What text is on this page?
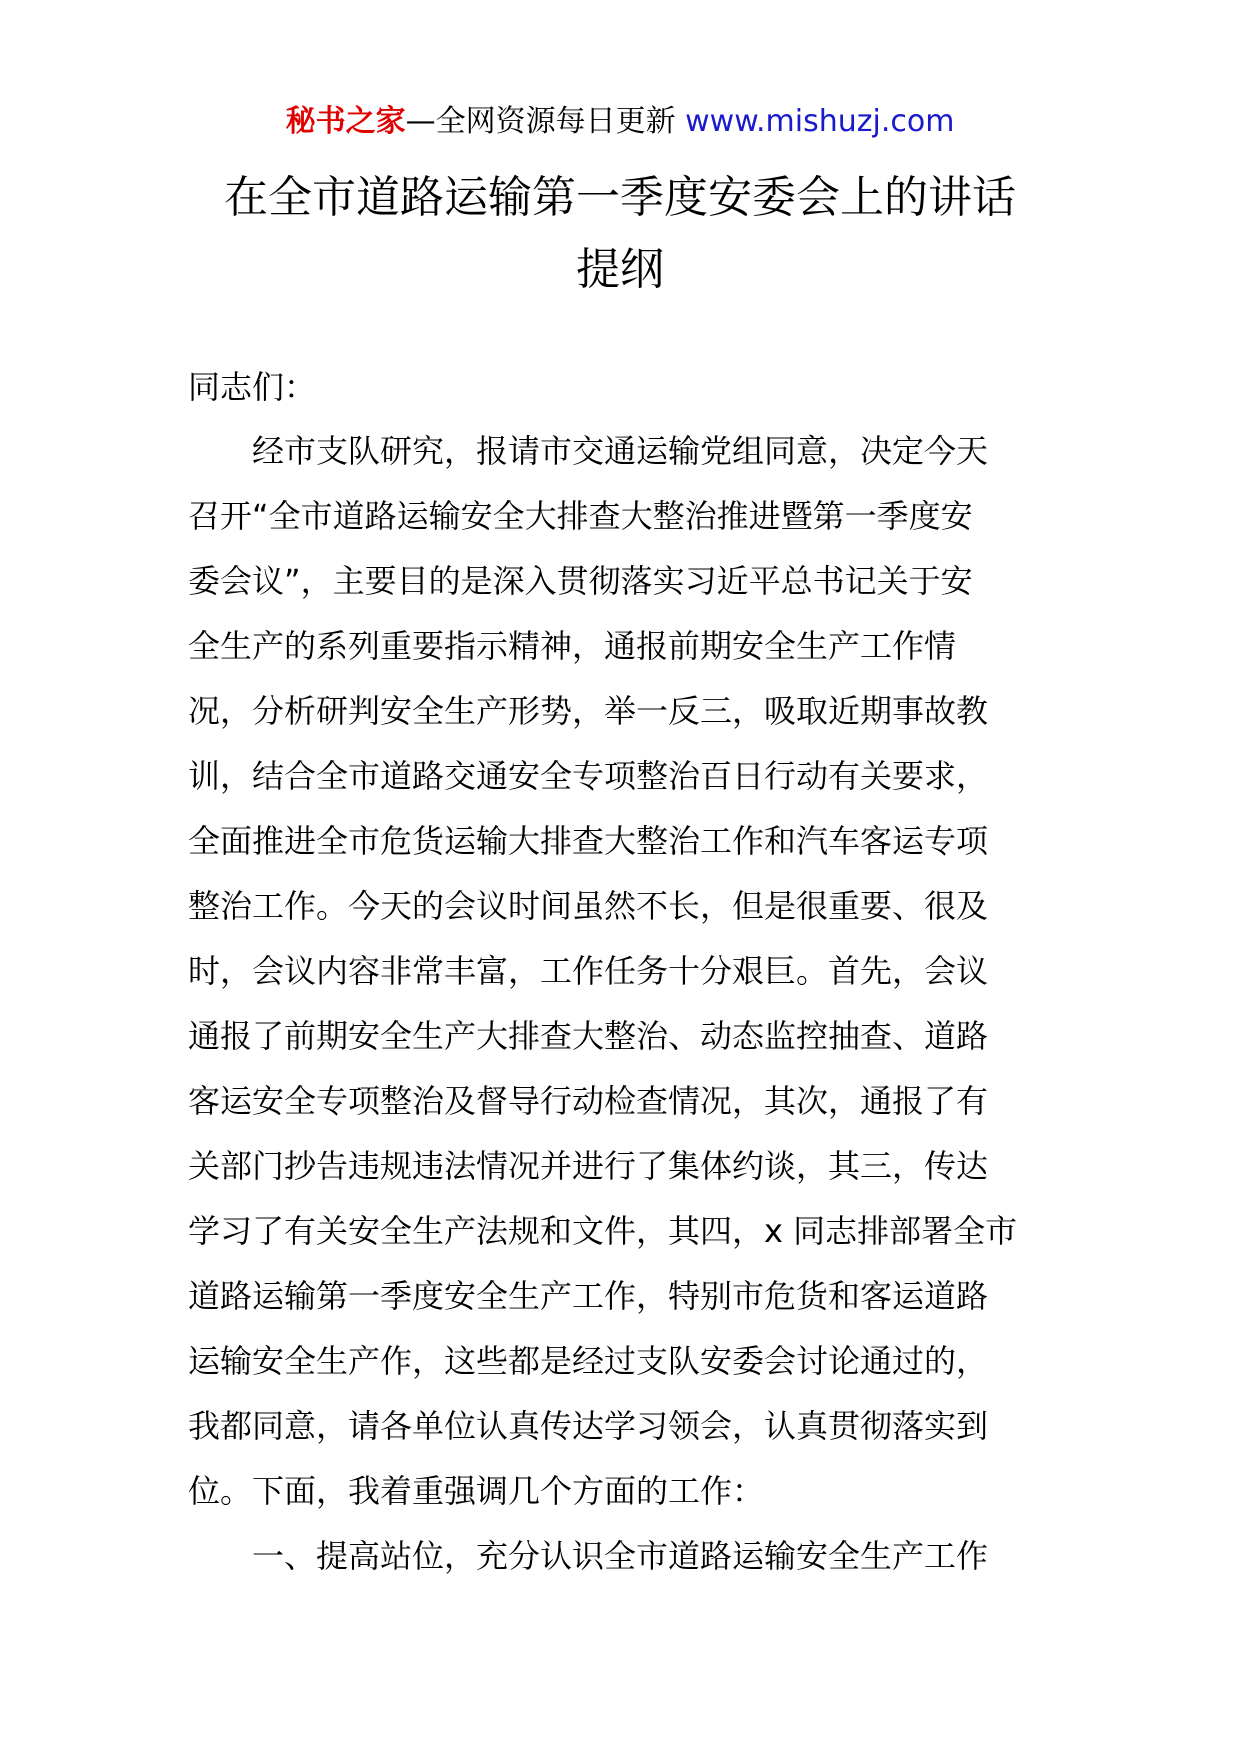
秘书之家—全网资源每日更新 www.mishuzj.com
在全市道路运输第一季度安委会上的讲话
提纲

同志们：

经市支队研究，报请市交通运输党组同意，决定今天
召开“全市道路运输安全大排查大整治推进暨第一季度安
委会议”，主要目的是深入贯彻落实习近平总书记关于安
全生产的系列重要指示精神，通报前期安全生产工作情
况，分析研判安全生产形势，举一反三，吸取近期事故教
训，结合全市道路交通安全专项整治百日行动有关要求，
全面推进全市危货运输大排查大整治工作和汽车客运专项
整治工作。今天的会议时间虽然不长，但是很重要、很及
时，会议内容非常丰富，工作任务十分艰巨。首先，会议
通报了前期安全生产大排查大整治、动态监控抽查、道路
客运安全专项整治及督导行动检查情况，其次，通报了有
关部门抄告违规违法情况并进行了集体约谈，其三，传达
学习了有关安全生产法规和文件，其四，x 同志排部署全市
道路运输第一季度安全生产工作，特别市危货和客运道路
运输安全生产作，这些都是经过支队安委会讨论通过的，
我都同意，请各单位认真传达学习领会，认真贯彻落实到
位。下面，我着重强调几个方面的工作：
一、提高站位，充分认识全市道路运输安全生产工作
